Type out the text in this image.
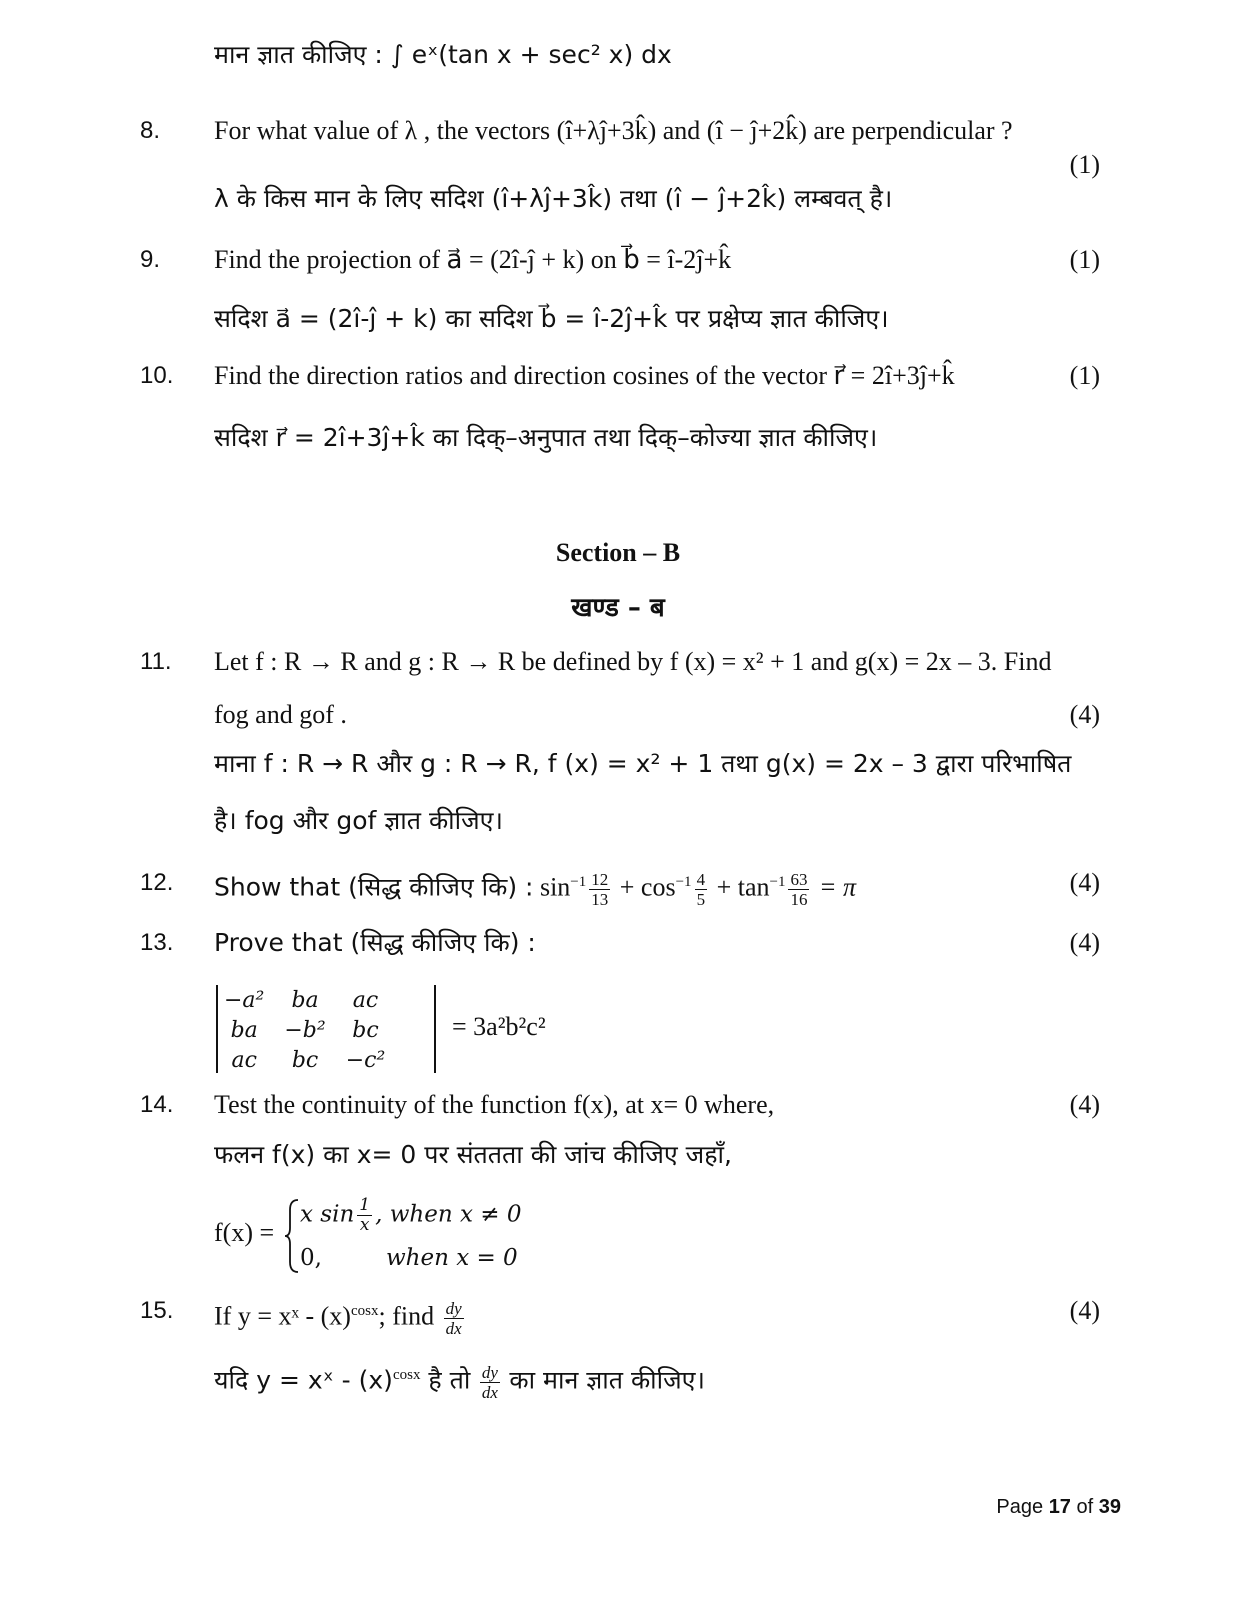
मान ज्ञात कीजिए : ∫ eˣ(tan x + sec² x) dx
8. For what value of λ , the vectors (î+λĵ+3k̂) and (î − ĵ+2k̂) are perpendicular ?
(1)
λ के किस मान के लिए सदिश (î+λĵ+3k̂) तथा (î − ĵ+2k̂) लम्बवत् है।
9. Find the projection of a⃗ = (2î-ĵ + k) on b⃗ = î-2ĵ+k̂	(1)
सदिश a⃗ = (2î-ĵ + k) का सदिश b⃗ = î-2ĵ+k̂ पर प्रक्षेप्य ज्ञात कीजिए।
10. Find the direction ratios and direction cosines of the vector r⃗ = 2î+3ĵ+k̂	(1)
सदिश r⃗ = 2î+3ĵ+k̂ का दिक्–अनुपात तथा दिक्–कोज्या ज्ञात कीजिए।
Section – B
खण्ड – ब
11. Let f : R → R and g : R → R be defined by f (x) = x² + 1 and g(x) = 2x – 3. Find
fog and gof .	(4)
माना f : R → R और g : R → R, f (x) = x² + 1 तथा g(x) = 2x – 3 द्वारा परिभाषित
है। fog और gof ज्ञात कीजिए।
12. Show that (सिद्ध कीजिए कि) : $\sin^{-1} \frac{12}{13} + \cos^{-1} \frac{4}{5} + \tan^{-1} \frac{63}{16} = \pi$	(4)
13. Prove that (सिद्ध कीजिए कि) :	(4)
−a²	ba	ac
ba	−b²	bc
ac	bc	−c²
= 3a²b²c²
14. Test the continuity of the function f(x), at x= 0 where,	(4)
फलन f(x) का x= 0 पर संततता की जांच कीजिए जहाँ,
f(x) =
x $\sin \frac{1}{x}$ , when x ≠ 0
0,	when x = 0
15. If y = xˣ - $(x)^{cosx}$; find $\frac{dy}{dx}$	(4)
यदि y = xˣ - $(x)^{cosx}$ है तो $\frac{dy}{dx}$ का मान ज्ञात कीजिए।
Page 17 of 39
